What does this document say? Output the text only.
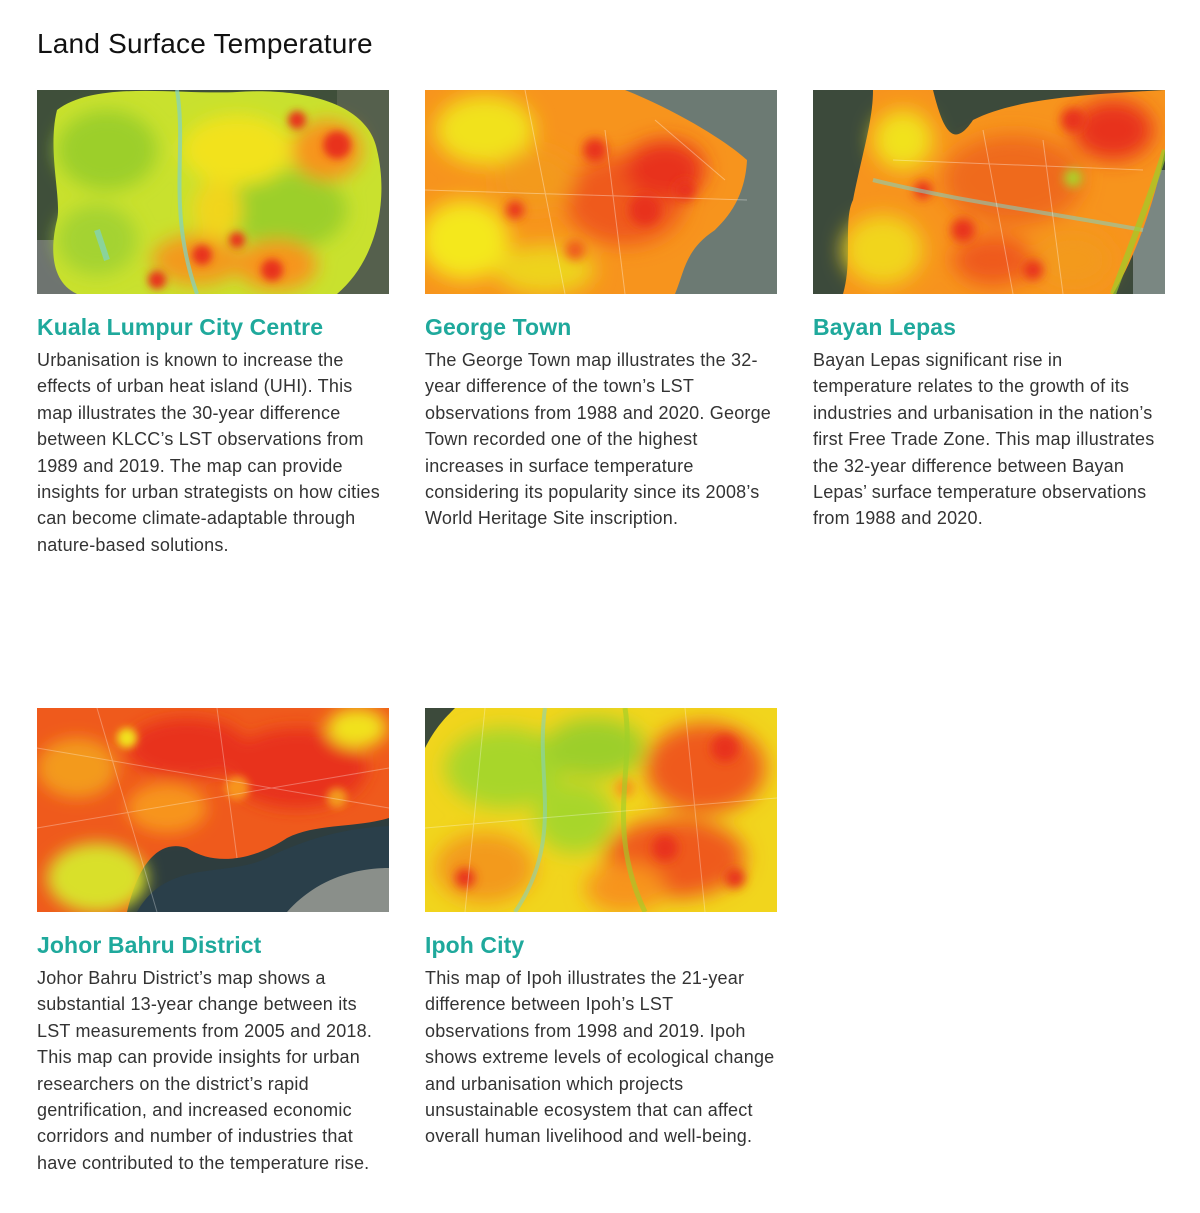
Land Surface Temperature
Kuala Lumpur City Centre

Urbanisation is known to increase the effects of urban heat island (UHI). This map illustrates the 30-year difference between KLCC’s LST observations from 1989 and 2019. The map can provide insights for urban strategists on how cities can become climate-adaptable through nature-based solutions.

George Town

The George Town map illustrates the 32-year difference of the town’s LST observations from 1988 and 2020. George Town recorded one of the highest increases in surface temperature considering its popularity since its 2008’s World Heritage Site inscription.

Bayan Lepas

Bayan Lepas significant rise in temperature relates to the growth of its industries and urbanisation in the nation’s first Free Trade Zone. This map illustrates the 32-year difference between Bayan Lepas’ surface temperature observations from 1988 and 2020.

Johor Bahru District

Johor Bahru District’s map shows a substantial 13-year change between its LST measurements from 2005 and 2018. This map can provide insights for urban researchers on the district’s rapid gentrification, and increased economic corridors and number of industries that have contributed to the temperature rise.

Ipoh City

This map of Ipoh illustrates the 21-year difference between Ipoh’s LST observations from 1998 and 2019. Ipoh shows extreme levels of ecological change and urbanisation which projects unsustainable ecosystem that can affect overall human livelihood and well-being.
